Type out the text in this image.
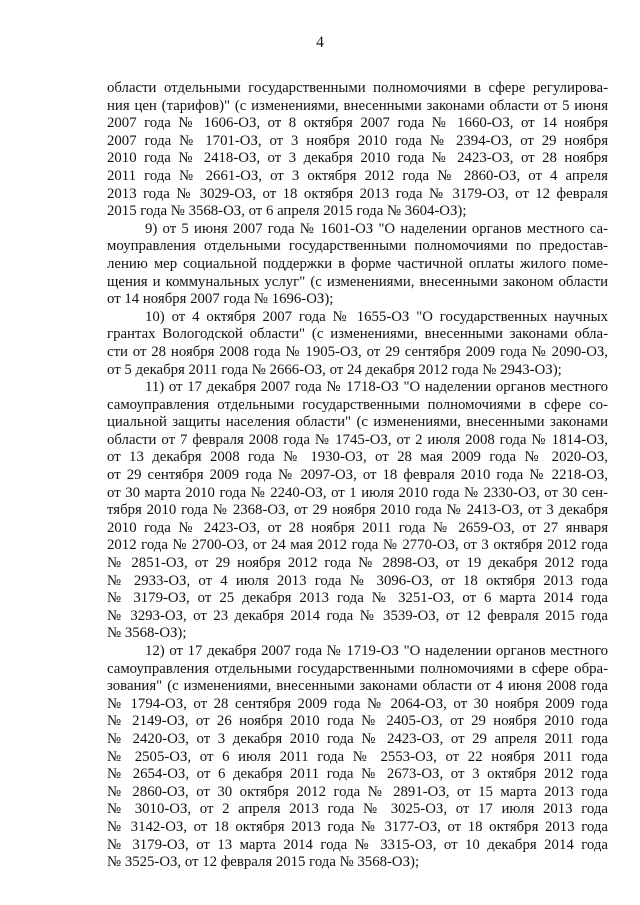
4
области отдельными государственными полномочиями в сфере регулирова-
ния цен (тарифов)" (с изменениями, внесенными законами области от 5 июня
2007 года № 1606-ОЗ, от 8 октября 2007 года № 1660-ОЗ, от 14 ноября
2007 года № 1701-ОЗ, от 3 ноября 2010 года № 2394-ОЗ, от 29 ноября
2010 года № 2418-ОЗ, от 3 декабря 2010 года № 2423-ОЗ, от 28 ноября
2011 года № 2661-ОЗ, от 3 октября 2012 года № 2860-ОЗ, от 4 апреля
2013 года № 3029-ОЗ, от 18 октября 2013 года № 3179-ОЗ, от 12 февраля
2015 года № 3568-ОЗ, от 6 апреля 2015 года № 3604-ОЗ);
9) от 5 июня 2007 года № 1601-ОЗ "О наделении органов местного са-
моуправления отдельными государственными полномочиями по предостав-
лению мер социальной поддержки в форме частичной оплаты жилого поме-
щения и коммунальных услуг" (с изменениями, внесенными законом области
от 14 ноября 2007 года № 1696-ОЗ);
10) от 4 октября 2007 года № 1655-ОЗ "О государственных научных
грантах Вологодской области" (с изменениями, внесенными законами обла-
сти от 28 ноября 2008 года № 1905-ОЗ, от 29 сентября 2009 года № 2090-ОЗ,
от 5 декабря 2011 года № 2666-ОЗ, от 24 декабря 2012 года № 2943-ОЗ);
11) от 17 декабря 2007 года № 1718-ОЗ "О наделении органов местного
самоуправления отдельными государственными полномочиями в сфере со-
циальной защиты населения области" (с изменениями, внесенными законами
области от 7 февраля 2008 года № 1745-ОЗ, от 2 июля 2008 года № 1814-ОЗ,
от 13 декабря 2008 года № 1930-ОЗ, от 28 мая 2009 года № 2020-ОЗ,
от 29 сентября 2009 года № 2097-ОЗ, от 18 февраля 2010 года № 2218-ОЗ,
от 30 марта 2010 года № 2240-ОЗ, от 1 июля 2010 года № 2330-ОЗ, от 30 сен-
тября 2010 года № 2368-ОЗ, от 29 ноября 2010 года № 2413-ОЗ, от 3 декабря
2010 года № 2423-ОЗ, от 28 ноября 2011 года № 2659-ОЗ, от 27 января
2012 года № 2700-ОЗ, от 24 мая 2012 года № 2770-ОЗ, от 3 октября 2012 года
№ 2851-ОЗ, от 29 ноября 2012 года № 2898-ОЗ, от 19 декабря 2012 года
№ 2933-ОЗ, от 4 июля 2013 года № 3096-ОЗ, от 18 октября 2013 года
№ 3179-ОЗ, от 25 декабря 2013 года № 3251-ОЗ, от 6 марта 2014 года
№ 3293-ОЗ, от 23 декабря 2014 года № 3539-ОЗ, от 12 февраля 2015 года
№ 3568-ОЗ);
12) от 17 декабря 2007 года № 1719-ОЗ "О наделении органов местного
самоуправления отдельными государственными полномочиями в сфере обра-
зования" (с изменениями, внесенными законами области от 4 июня 2008 года
№ 1794-ОЗ, от 28 сентября 2009 года № 2064-ОЗ, от 30 ноября 2009 года
№ 2149-ОЗ, от 26 ноября 2010 года № 2405-ОЗ, от 29 ноября 2010 года
№ 2420-ОЗ, от 3 декабря 2010 года № 2423-ОЗ, от 29 апреля 2011 года
№ 2505-ОЗ, от 6 июля 2011 года № 2553-ОЗ, от 22 ноября 2011 года
№ 2654-ОЗ, от 6 декабря 2011 года № 2673-ОЗ, от 3 октября 2012 года
№ 2860-ОЗ, от 30 октября 2012 года № 2891-ОЗ, от 15 марта 2013 года
№ 3010-ОЗ, от 2 апреля 2013 года № 3025-ОЗ, от 17 июля 2013 года
№ 3142-ОЗ, от 18 октября 2013 года № 3177-ОЗ, от 18 октября 2013 года
№ 3179-ОЗ, от 13 марта 2014 года № 3315-ОЗ, от 10 декабря 2014 года
№ 3525-ОЗ, от 12 февраля 2015 года № 3568-ОЗ);
